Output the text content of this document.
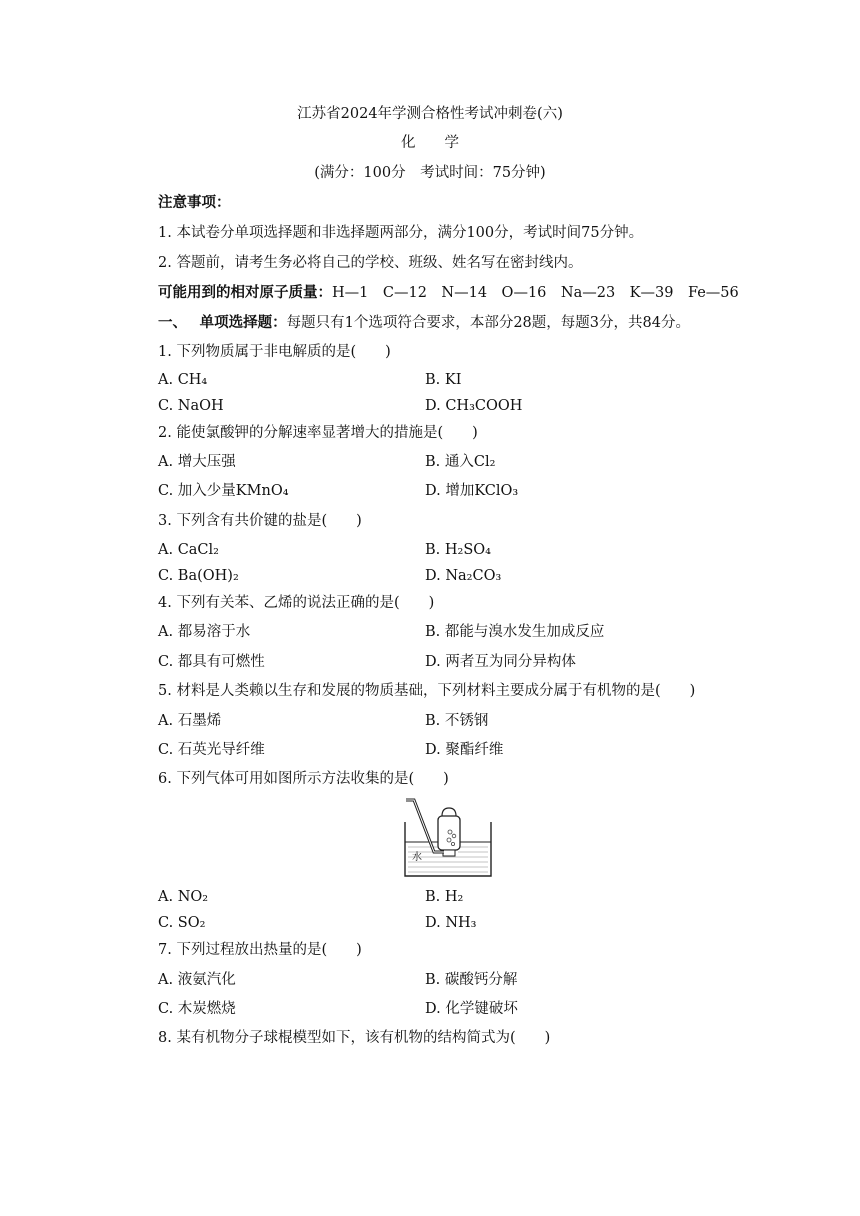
江苏省2024年学测合格性考试冲刺卷(六)
化　　学
(满分：100分　考试时间：75分钟)
注意事项：
1. 本试卷分单项选择题和非选择题两部分，满分100分，考试时间75分钟。
2. 答题前，请考生务必将自己的学校、班级、姓名写在密封线内。
可能用到的相对原子质量：H—1　C—12　N—14　O—16　Na—23　K—39　Fe—56
一、 单项选择题：每题只有1个选项符合要求，本部分28题，每题3分，共84分。
1. 下列物质属于非电解质的是(　　)
A. CH₄	B. KI
C. NaOH	D. CH₃COOH
2. 能使氯酸钾的分解速率显著增大的措施是(　　)
A. 增大压强	B. 通入Cl₂
C. 加入少量KMnO₄	D. 增加KClO₃
3. 下列含有共价键的盐是(　　)
A. CaCl₂	B. H₂SO₄
C. Ba(OH)₂	D. Na₂CO₃
4. 下列有关苯、乙烯的说法正确的是(　　)
A. 都易溶于水	B. 都能与溴水发生加成反应
C. 都具有可燃性	D. 两者互为同分异构体
5. 材料是人类赖以生存和发展的物质基础，下列材料主要成分属于有机物的是(　　)
A. 石墨烯	B. 不锈钢
C. 石英光导纤维	D. 聚酯纤维
6. 下列气体可用如图所示方法收集的是(　　)
水
A. NO₂	B. H₂
C. SO₂	D. NH₃
7. 下列过程放出热量的是(　　)
A. 液氨汽化	B. 碳酸钙分解
C. 木炭燃烧	D. 化学键破坏
8. 某有机物分子球棍模型如下，该有机物的结构简式为(　　)
